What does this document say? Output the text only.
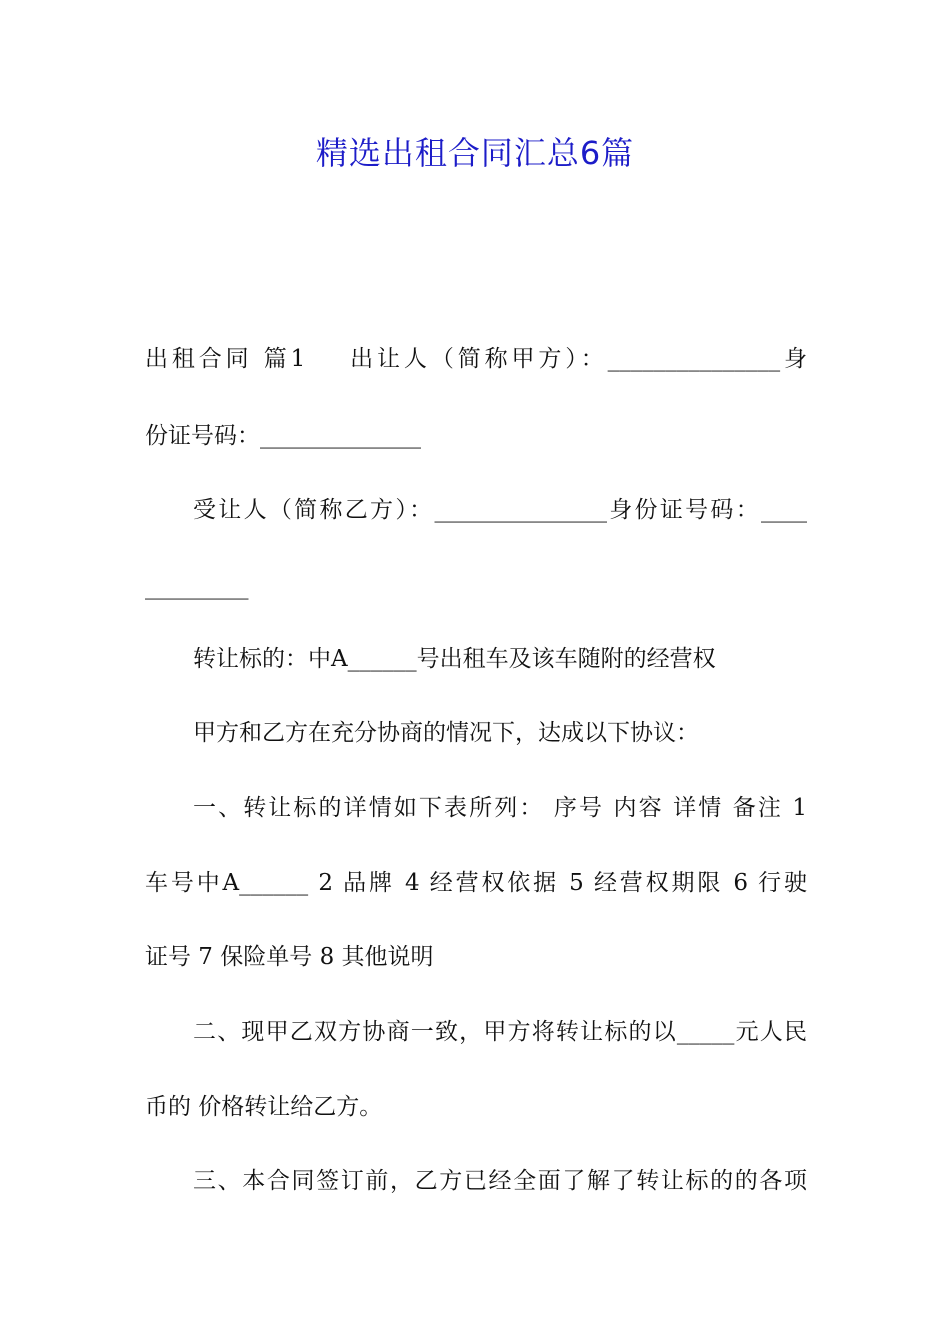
精选出租合同汇总6篇
出租合同 篇1    出让人（简称甲方）：_______________身
份证号码：______________
受让人（简称乙方）：_______________身份证号码：____
_________
转让标的：中A______号出租车及该车随附的经营权
甲方和乙方在充分协商的情况下，达成以下协议：
一、转让标的详情如下表所列： 序号 内容 详情 备注 1
车号中A______ 2 品牌 4 经营权依据 5 经营权期限 6 行驶
证号 7 保险单号 8 其他说明
二、现甲乙双方协商一致，甲方将转让标的以_____元人民
币的 价格转让给乙方。
三、本合同签订前，乙方已经全面了解了转让标的的各项
